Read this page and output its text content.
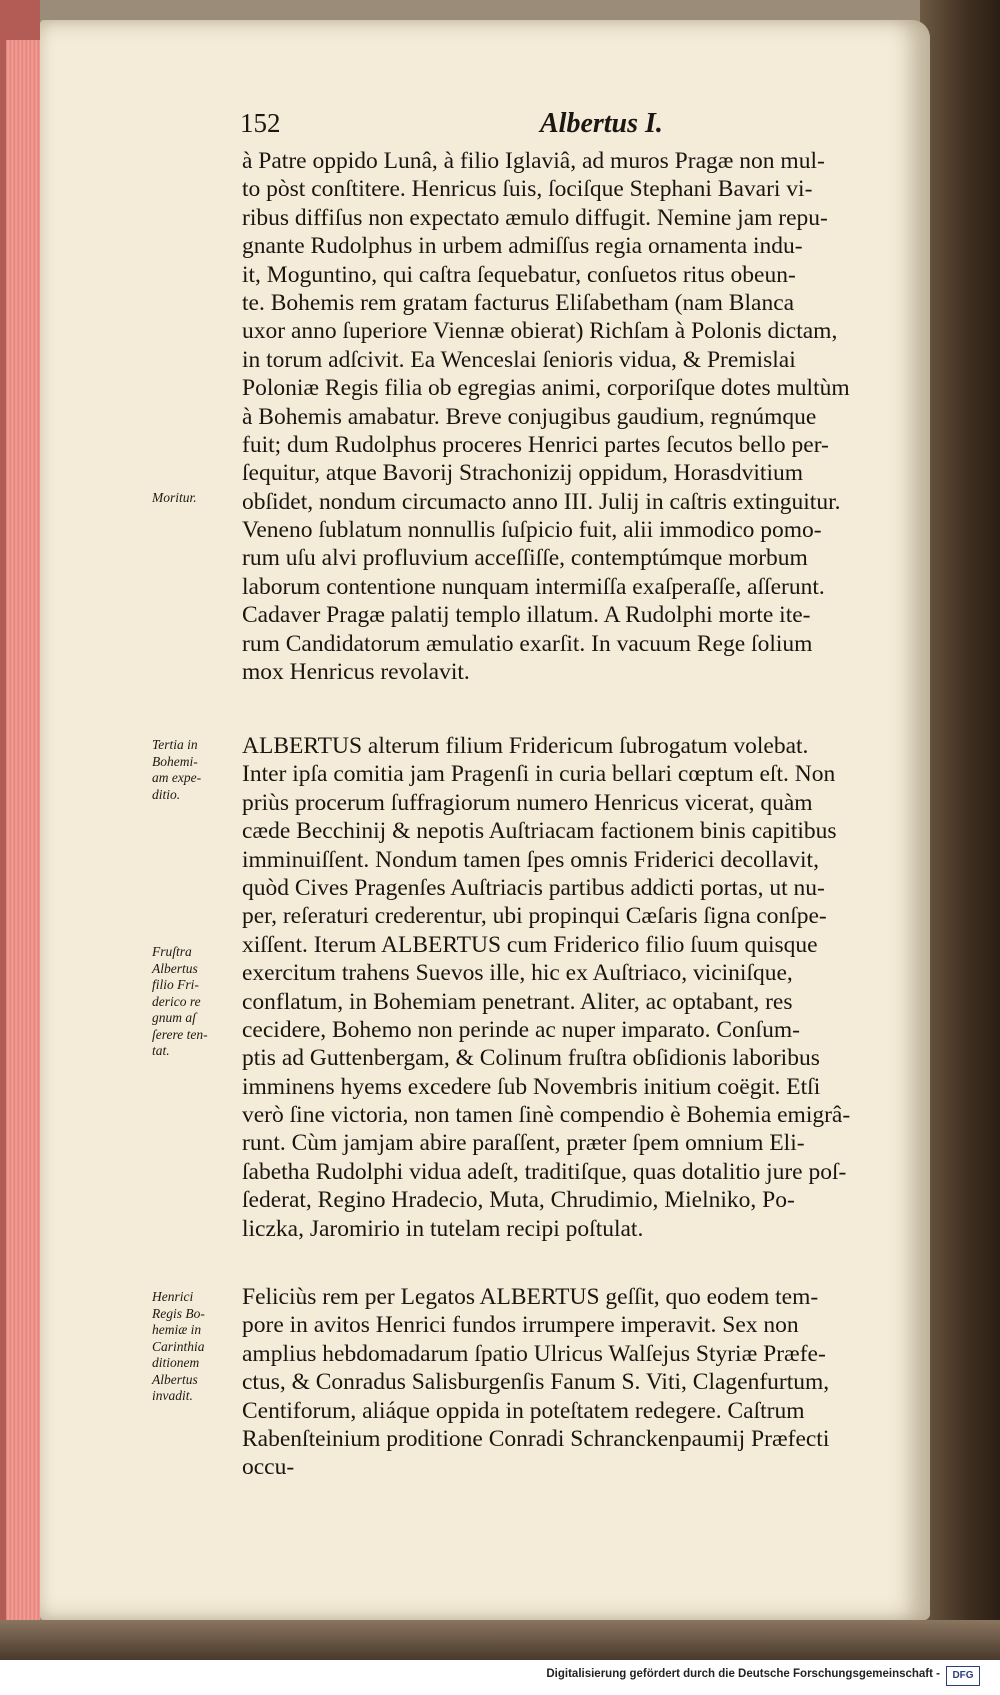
152	Albertus I.
à Patre oppido Lunâ, à filio Iglaviâ, ad muros Pragæ non mul-
to pòst conſtitere. Henricus ſuis, ſociſque Stephani Bavari vi-
ribus diffiſus non expectato æmulo diffugit. Nemine jam repu-
gnante Rudolphus in urbem admiſſus regia ornamenta indu-
it, Moguntino, qui caſtra ſequebatur, conſuetos ritus obeun-
te. Bohemis rem gratam facturus Eliſabetham (nam Blanca
uxor anno ſuperiore Viennæ obierat) Richſam à Polonis dictam,
in torum adſcivit. Ea Wenceslai ſenioris vidua, & Premislai
Poloniæ Regis filia ob egregias animi, corporiſque dotes multùm
à Bohemis amabatur. Breve conjugibus gaudium, regnúmque
fuit; dum Rudolphus proceres Henrici partes ſecutos bello per-
ſequitur, atque Bavorij Strachonizij oppidum, Horasdvitium
obſidet, nondum circumacto anno III. Julij in caſtris extinguitur.
Veneno ſublatum nonnullis ſuſpicio fuit, alii immodico pomo-
rum uſu alvi profluvium acceſſiſſe, contemptúmque morbum
laborum contentione nunquam intermiſſa exaſperaſſe, aſſerunt.
Cadaver Pragæ palatij templo illatum. A Rudolphi morte ite-
rum Candidatorum æmulatio exarſit. In vacuum Rege ſolium
mox Henricus revolavit.
ALBERTUS alterum filium Fridericum ſubrogatum volebat.
Inter ipſa comitia jam Pragenſi in curia bellari cœptum eſt. Non
priùs procerum ſuffragiorum numero Henricus vicerat, quàm
cæde Becchinij & nepotis Auſtriacam factionem binis capitibus
imminuiſſent. Nondum tamen ſpes omnis Friderici decollavit,
quòd Cives Pragenſes Auſtriacis partibus addicti portas, ut nu-
per, reſeraturi crederentur, ubi propinqui Cæſaris ſigna conſpe-
xiſſent. Iterum ALBERTUS cum Friderico filio ſuum quisque
exercitum trahens Suevos ille, hic ex Auſtriaco, viciniſque,
conflatum, in Bohemiam penetrant. Aliter, ac optabant, res
cecidere, Bohemo non perinde ac nuper imparato. Conſum-
ptis ad Guttenbergam, & Colinum fruſtra obſidionis laboribus
imminens hyems excedere ſub Novembris initium coëgit. Etſi
verò ſine victoria, non tamen ſinè compendio è Bohemia emigrâ-
runt. Cùm jamjam abire paraſſent, præter ſpem omnium Eli-
ſabetha Rudolphi vidua adeſt, traditiſque, quas dotalitio jure poſ-
ſederat, Regino Hradecio, Muta, Chrudimio, Mielniko, Po-
liczka, Jaromirio in tutelam recipi poſtulat.
Feliciùs rem per Legatos ALBERTUS geſſit, quo eodem tem-
pore in avitos Henrici fundos irrumpere imperavit. Sex non
amplius hebdomadarum ſpatio Ulricus Walſejus Styriæ Præfe-
ctus, & Conradus Salisburgenſis Fanum S. Viti, Clagenfurtum,
Centiforum, aliáque oppida in poteſtatem redegere. Caſtrum
Rabenſteinium proditione Conradi Schranckenpaumij Præfecti
occu-
Moritur.
Tertia in
Bohemi-
am expe-
ditio.
Fruſtra
Albertus
filio Fri-
derico re
gnum aſ
ſerere ten-
tat.
Henrici
Regis Bo-
hemiæ in
Carinthia
ditionem
Albertus
invadit.
Digitalisierung gefördert durch die Deutsche Forschungsgemeinschaft -	DFG
